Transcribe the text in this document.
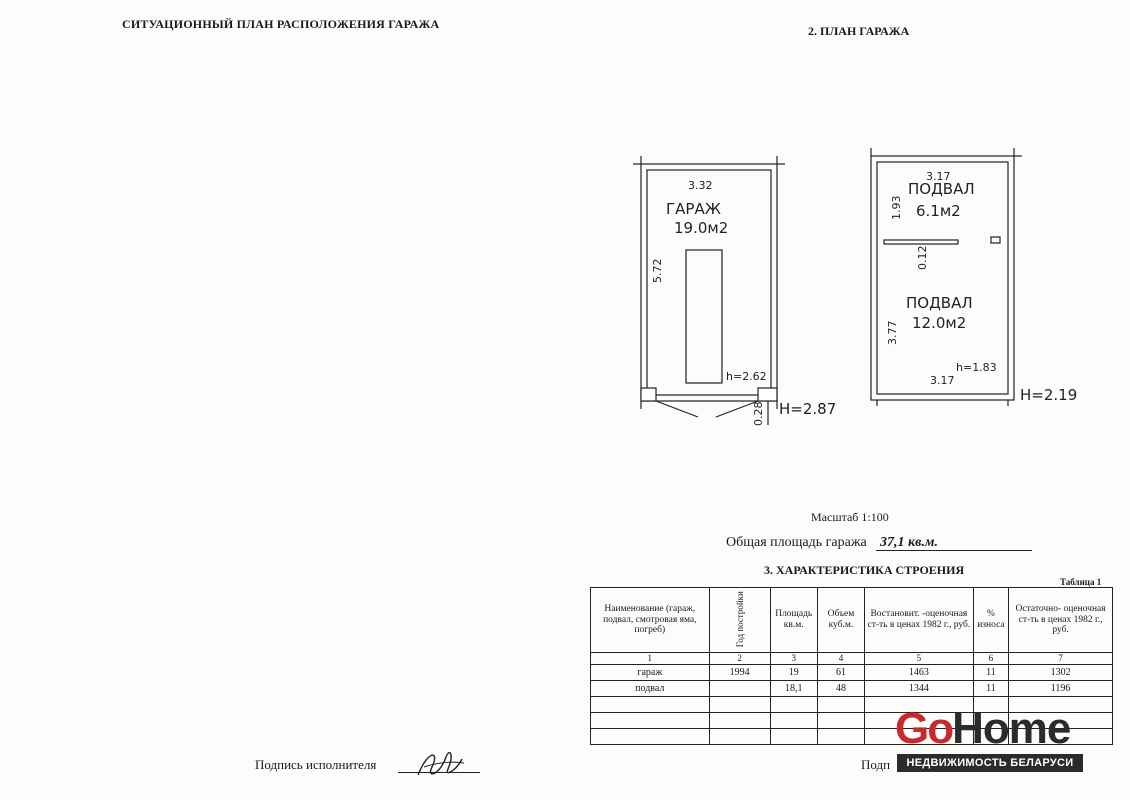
СИТУАЦИОННЫЙ ПЛАН РАСПОЛОЖЕНИЯ ГАРАЖА
Подпись исполнителя
2. ПЛАН ГАРАЖА
3.32
ГАРАЖ
19.0м2
5.72
h=2.62
0.28 H=2.87
3.17
ПОДВАЛ
6.1м2
1.93
0.12
ПОДВАЛ
12.0м2
3.77
h=1.83
3.17
H=2.19
Масштаб 1:100
Общая площадь гаража 37,1 кв.м.
3. ХАРАКТЕРИСТИКА СТРОЕНИЯ
Таблица 1
Наименование (гараж, подвал, смотровая яма, погреб)	Год постройки	Площадь кв.м.	Объем куб.м.	Востановит. -оценочная ст-ть в ценах 1982 г., руб.	% износа	Остаточно- оценочная ст-ть в ценах 1982 г., руб.
1	2	3	4	5	6	7
гараж	1994	19	61	1463	11	1302
подвал		18,1	48	1344	11	1196

Подп
GoHome
НЕДВИЖИМОСТЬ БЕЛАРУСИ
